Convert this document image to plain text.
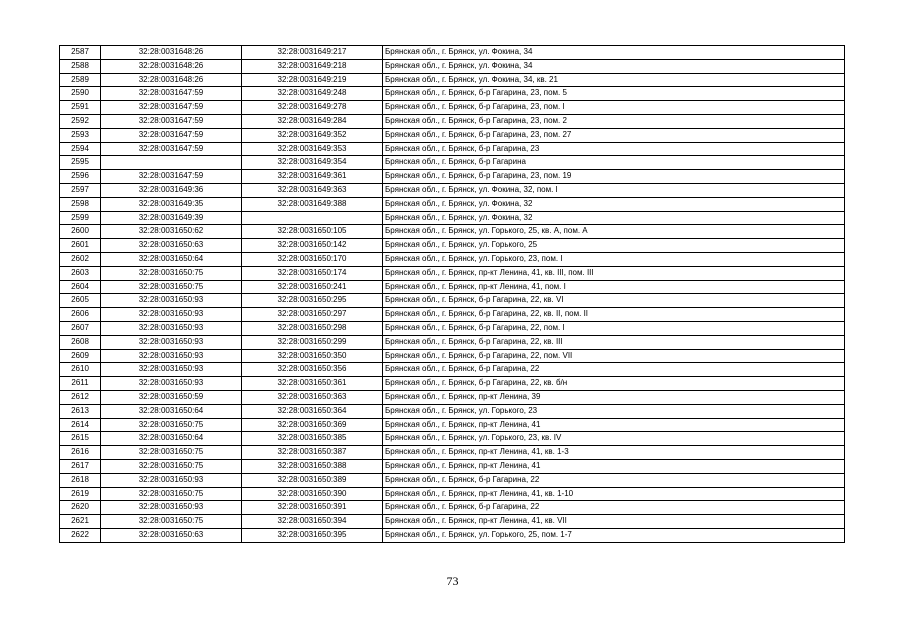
2587	32:28:0031648:26	32:28:0031649:217	Брянская обл., г. Брянск, ул. Фокина, 34
2588	32:28:0031648:26	32:28:0031649:218	Брянская обл., г. Брянск, ул. Фокина, 34
2589	32:28:0031648:26	32:28:0031649:219	Брянская обл., г. Брянск, ул. Фокина, 34, кв. 21
2590	32:28:0031647:59	32:28:0031649:248	Брянская обл., г. Брянск, б-р Гагарина, 23, пом. 5
2591	32:28:0031647:59	32:28:0031649:278	Брянская обл., г. Брянск, б-р Гагарина, 23, пом. I
2592	32:28:0031647:59	32:28:0031649:284	Брянская обл., г. Брянск, б-р Гагарина, 23, пом. 2
2593	32:28:0031647:59	32:28:0031649:352	Брянская обл., г. Брянск, б-р Гагарина, 23, пом. 27
2594	32:28:0031647:59	32:28:0031649:353	Брянская обл., г. Брянск, б-р Гагарина, 23
2595		32:28:0031649:354	Брянская обл., г. Брянск, б-р Гагарина
2596	32:28:0031647:59	32:28:0031649:361	Брянская обл., г. Брянск, б-р Гагарина, 23, пом. 19
2597	32:28:0031649:36	32:28:0031649:363	Брянская обл., г. Брянск, ул. Фокина, 32, пом. I
2598	32:28:0031649:35	32:28:0031649:388	Брянская обл., г. Брянск, ул. Фокина, 32
2599	32:28:0031649:39		Брянская обл., г. Брянск, ул. Фокина, 32
2600	32:28:0031650:62	32:28:0031650:105	Брянская обл., г. Брянск, ул. Горького, 25, кв. А, пом. А
2601	32:28:0031650:63	32:28:0031650:142	Брянская обл., г. Брянск, ул. Горького, 25
2602	32:28:0031650:64	32:28:0031650:170	Брянская обл., г. Брянск, ул. Горького, 23, пом. I
2603	32:28:0031650:75	32:28:0031650:174	Брянская обл., г. Брянск, пр-кт Ленина, 41, кв. III, пом. III
2604	32:28:0031650:75	32:28:0031650:241	Брянская обл., г. Брянск, пр-кт Ленина, 41, пом. I
2605	32:28:0031650:93	32:28:0031650:295	Брянская обл., г. Брянск, б-р Гагарина, 22, кв. VI
2606	32:28:0031650:93	32:28:0031650:297	Брянская обл., г. Брянск, б-р Гагарина, 22, кв. II, пом. II
2607	32:28:0031650:93	32:28:0031650:298	Брянская обл., г. Брянск, б-р Гагарина, 22, пом. I
2608	32:28:0031650:93	32:28:0031650:299	Брянская обл., г. Брянск, б-р Гагарина, 22, кв. III
2609	32:28:0031650:93	32:28:0031650:350	Брянская обл., г. Брянск, б-р Гагарина, 22, пом. VII
2610	32:28:0031650:93	32:28:0031650:356	Брянская обл., г. Брянск, б-р Гагарина, 22
2611	32:28:0031650:93	32:28:0031650:361	Брянская обл., г. Брянск, б-р Гагарина, 22, кв. б/н
2612	32:28:0031650:59	32:28:0031650:363	Брянская обл., г. Брянск, пр-кт Ленина, 39
2613	32:28:0031650:64	32:28:0031650:364	Брянская обл., г. Брянск, ул. Горького, 23
2614	32:28:0031650:75	32:28:0031650:369	Брянская обл., г. Брянск, пр-кт Ленина, 41
2615	32:28:0031650:64	32:28:0031650:385	Брянская обл., г. Брянск, ул. Горького, 23, кв. IV
2616	32:28:0031650:75	32:28:0031650:387	Брянская обл., г. Брянск, пр-кт Ленина, 41, кв. 1-3
2617	32:28:0031650:75	32:28:0031650:388	Брянская обл., г. Брянск, пр-кт Ленина, 41
2618	32:28:0031650:93	32:28:0031650:389	Брянская обл., г. Брянск, б-р Гагарина, 22
2619	32:28:0031650:75	32:28:0031650:390	Брянская обл., г. Брянск, пр-кт Ленина, 41, кв. 1-10
2620	32:28:0031650:93	32:28:0031650:391	Брянская обл., г. Брянск, б-р Гагарина, 22
2621	32:28:0031650:75	32:28:0031650:394	Брянская обл., г. Брянск, пр-кт Ленина, 41, кв. VII
2622	32:28:0031650:63	32:28:0031650:395	Брянская обл., г. Брянск, ул. Горького, 25, пом. 1-7
73
